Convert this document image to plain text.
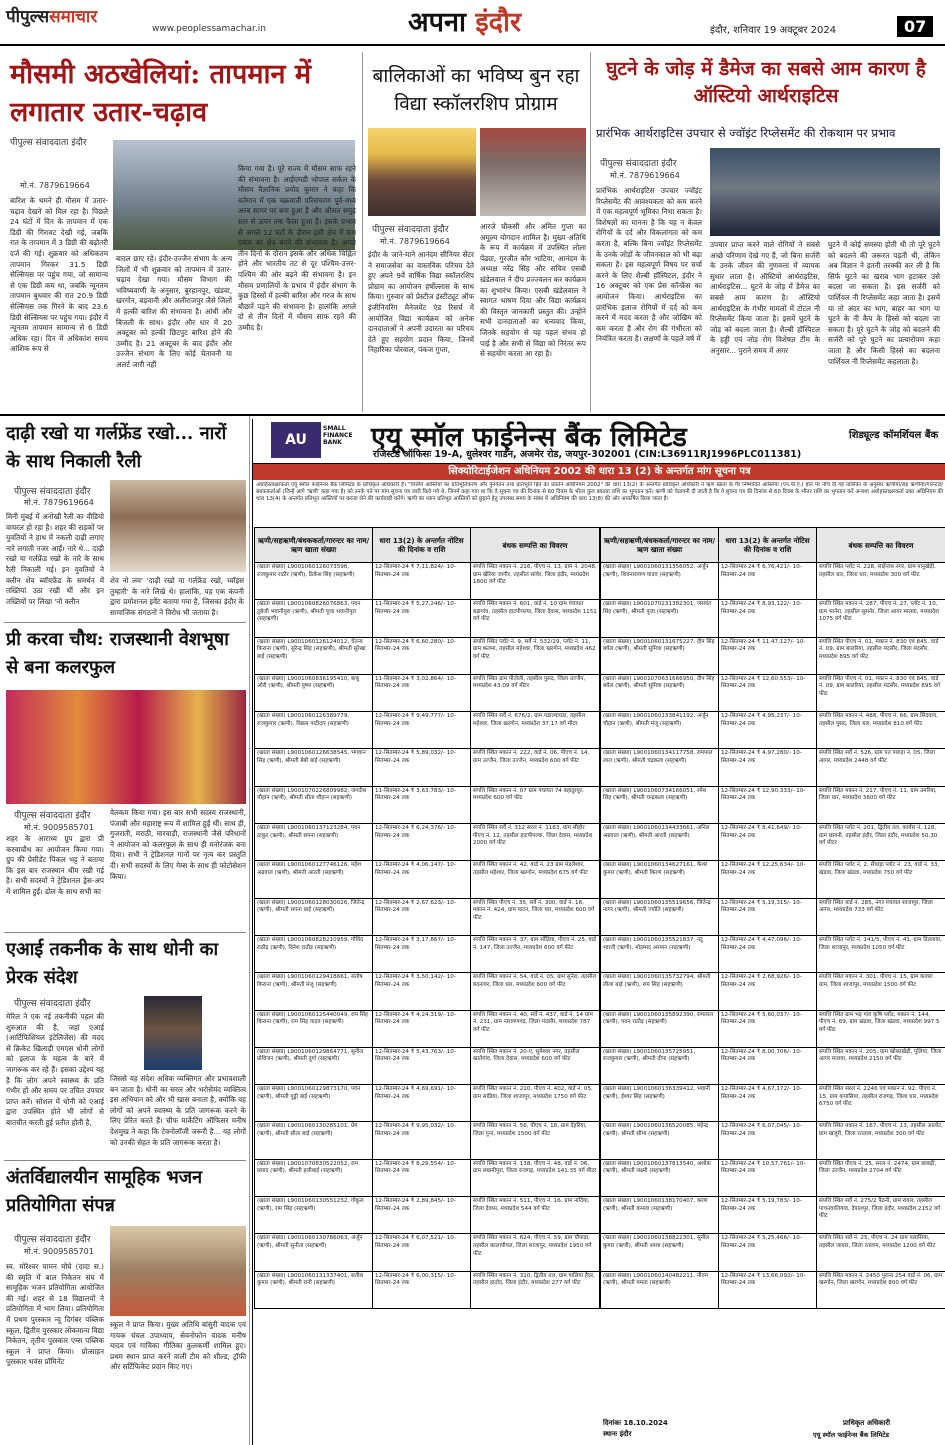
पीपुल्ससमाचार
www.peoplessamachar.in	अपना इंदौर	इंदौर, शनिवार 19 अक्टूबर 2024	07
मौसमी अठखेलियां: तापमान में लगातार उतार-चढ़ाव
पीपुल्स संवाददाता इंदौर
मो.नं. 7879619664
बारिश के थमने ही मौसम में उतार-चढ़ाव देखने को मिल रहा है। पिछले 24 घंटों में दिन के तापमान में एक डिग्री की गिरावट देखी गई, जबकि रात के तापमान में 3 डिग्री की बढ़ोतरी दर्ज की गई। शुक्रवार को अधिकतम तापमान गिरकर 31.5 डिग्री सेल्सियस पर पहुंच गया, जो सामान्य से एक डिग्री कम था, जबकि न्यूनतम तापमान बुधवार की रात 20.9 डिग्री सेल्सियस तक गिरने के बाद 23.6 डिग्री सेल्सियस पर पहुंच गया। इंदौर में न्यूनतम तापमान सामान्य से 6 डिग्री अधिक रहा। दिन में अधिकांश समय आंशिक रूप से
बादल छाए रहे। इंदौर-उज्जैन संभाग के अन्य जिलों में भी शुक्रवार को तापमान में उतार-चढ़ाव देखा गया। मौसम विभाग की भविष्यवाणी के अनुसार, बुरहानपुर, खंडवा, खरगोन, बड़वानी और अलीराजपुर जैसे जिलों में हल्की बारिश की संभावना है। आंधी और बिजली के साथ। इंदौर और धार में 20 अक्टूबर को हल्की छिटपुट बारिश होने की उम्मीद है। 21 अक्टूबर के बाद इंदौर और उज्जैन संभाग के लिए कोई चेतावनी या अलर्ट जारी नहीं
किया गया है। पूरे राज्य में मौसम साफ रहने की संभावना है। आईएमडी भोपाल सर्कल के मौसम वैज्ञानिक प्रमोद कुमार ने कहा कि वर्तमान में एक चक्रवाती परिसंचरण पूर्व-मध्य अरब सागर पर बना हुआ है और औसत समुद्र स्तर से ऊपर तक फैला हुआ है। इसके प्रभाव से अगले 12 घंटों के दौरान इसी क्षेत्र में कम दबाव का क्षेत्र बनने की संभावना है। अगले तीन दिनों के दौरान इसके और अधिक चिह्नित होने और भारतीय तट से दूर पश्चिम-उत्तर-पश्चिम की ओर बढ़ने की संभावना है। इन मौसम प्रणालियों के प्रभाव में इंदौर संभाग के कुछ हिस्सों में हल्की बारिश और गरज के साथ बौछारें पड़ने की संभावना है। हालांकि अगले दो से तीन दिनों में मौसम साफ रहने की उम्मीद है।
बालिकाओं का भविष्य बुन रहा विद्या स्कॉलरशिप प्रोग्राम
पीपुल्स संवाददाता इंदौर
मो.नं. 7879619664
इंदौर के जाने-माने आनंदम सीनियर सेंटर ने समाजसेवा का वास्तविक परिचय देते हुए अपने 9वें वार्षिक विद्या स्कॉलरशिप प्रोग्राम का आयोजन हर्षोल्लास के साथ किया। गुरुवार को प्रेस्टीज इंस्टीट्यूट ऑफ इंजीनियरिंग मैनेजमेंट एंड रिसर्च में आयोजित विद्या कार्यक्रम को अनेक दानदाताओं ने अपनी उदारता का परिचय देते हुए सहयोग प्रदान किया, जिनमें निहारिका पोरवाल, पंकज गुप्ता,
आरजे चौकसी और अमित गुप्ता का अमूल्य योगदान शामिल है। मुख्य अतिथि के रूप में कार्यक्रम में उपस्थित लोला पेंढ्या, गुरजीत कौर भाटिया, आनंदम के अध्यक्ष नरेंद्र सिंह और सचिव एसबी खंडेलवाल ने दीप प्रज्ज्वलन कर कार्यक्रम का शुभारंभ किया। एसबी खंडेलवाल ने स्वागत भाषण दिया और विद्या कार्यक्रम की विस्तृत जानकारी प्रस्तुत की। उन्होंने सभी दानदाताओं का धन्यवाद किया, जिनके सहयोग से यह पहल संभव हो पाई है और सभी से विद्या को निरंतर रूप से सहयोग करता आ रहा है।
घुटने के जोड़ में डैमेज का सबसे आम कारण है ऑस्टियो आर्थराइटिस
प्रारंभिक आर्थराइटिस उपचार से ज्वॉइंट रिप्लेसमेंट की रोकथाम पर प्रभाव
पीपुल्स संवाददाता इंदौर
मो.नं. 7879619664
प्रारंभिक आर्थराइटिस उपचार ज्वॉइंट रिप्लेसमेंट की आवश्यकता को कम करने में एक महत्वपूर्ण भूमिका निभा सकता है। विशेषज्ञों का मानना है कि यह न केवल रोगियों के दर्द और विकलांगता को कम करता है, बल्कि बिना ज्वॉइंट रिप्लेसमेंट के उनके जोड़ों के जीवनकाल को भी बढ़ा सकता है। इस महत्वपूर्ण विषय पर चर्चा करने के लिए शैल्बी हॉस्पिटल, इंदौर ने 16 अक्टूबर को एक प्रेस कॉन्फ्रेंस का आयोजन किया। आर्थराइटिस का प्रारंभिक इलाज रोगियों में दर्द को कम करने में मदद करता है और जोखिम को कम करता है और रोग की गंभीरता को नियंत्रित करता है। लक्षणों के पहले वर्ष में
उपचार प्राप्त करने वाले रोगियों ने सबसे अच्छे परिणाम देखे गए हैं, जो बिना सर्जरी के उनके जीवन की गुणवत्ता में व्यापक सुधार लाता है। ऑस्टियो आर्थराइटिस, आर्थराइटिस... घुटने के जोड़ में डैमेज का सबसे आम कारण है। ऑस्टियो आर्थराइटिस के गंभीर मामलों में टोटल नी रिप्लेसमेंट किया जाता है। इसमें घुटने के जोड़ को बदला जाता है। शैल्बी हॉस्पिटल के हड्डी एवं जोड़ रोग विशेषज्ञ टीम के अनुसार... पुराने समय में अगर
घुटने में कोई समस्या होती थी तो पूरे घुटने को बदलने की जरूरत पड़ती थी, लेकिन अब विज्ञान ने इतनी तरक्की कर ली है कि सिर्फ घुटने का खराब भाग हटाकर उसे बदला जा सकता है। इस सर्जरी को पार्शियल नी रिप्लेसमेंट कहा जाता है। इसमें या तो अंदर का भाग, बाहर का भाग या घुटने के नी कैप के हिस्से को बदला जा सकता है। पूरे घुटने के जोड़ को बदलने की सर्जरी को पूरे घुटने का प्रत्यारोपण कहा जाता है और किसी हिस्से का बदलना पार्शियल नी रिप्लेसमेंट कहलाता है।
दाढ़ी रखो या गर्लफ्रेंड रखो... नारों के साथ निकाली रैली
पीपुल्स संवाददाता इंदौर
मो.नं. 7879619664
मिनी मुंबई में अनोखी रैली का वीडियो वायरल हो रहा है। शहर की सड़कों पर युवतियों ने हाथ में नकली दाढ़ी लगाए नारे लगाती नजर आईं। नारे थे... दाढ़ी रखो या गर्लफ्रेंड रखो के नारे के साथ रैली निकाली गई। इन युवतियों ने क्लीन शेव ब्वॉयफ्रेंड के समर्थन में तख्तियां उठा रखी थीं और इन तख्तियों पर लिखा 'नो क्लीन
शेव नो लव' 'दाढ़ी रखो या गर्लफ्रेंड रखो, च्वॉइस तुम्हारी' के नारे लिखे थे। हालांकि, यह एक कंपनी द्वारा प्रमोशनल इवेंट बताया गया है, जिसका इंदौर के सामाजिक संगठनों ने विरोध भी जताया है।
प्री करवा चौथ: राजस्थानी वेशभूषा से बना कलरफुल
पीपुल्स संवाददाता इंदौर
मो.नं. 9009585701
शहर के आराध्य ग्रुप द्वारा प्री करवाचौथ का आयोजन किया गया। ग्रुप की प्रेसीडेंट पिंकल भट्ट ने बताया कि इस बार राजस्थान थीम रखी गई है। सभी सदस्यों ने ट्रेडिशनल ड्रेस-अप में शामिल हुईं। ढोल के साथ सभी का
वेलकम किया गया। इस बार सभी सदस्य राजस्थानी, पंजाबी और महाराष्ट्र रूप में शामिल हुईं थीं। साथ ही, गुजराती, मराठी, मारवाड़ी, राजस्थानी जैसे परिधानों ने आयोजन को कलरफुल के साथ ही मनोरंजक बना दिया। सभी ने ट्रेडिशनल गानों पर नृत्य कर प्रस्तुति दी। सभी सदस्यों के लिए गेम्स के साथ ही फोटोसेशन किया।
एआई तकनीक के साथ धोनी का प्रेरक संदेश
पीपुल्स संवाददाता इंदौर
मेरिल ने एक नई तकनीकी पहल की शुरुआत की है, जहां एआई (आर्टिफिशियल इंटेलिजेंस) की मदद से क्रिकेट खिलाड़ी एमएस धोनी लोगों को इलाज के महत्व के बारे में जागरूक कर रहे हैं। इसका उद्देश्य यह है कि लोग अपने स्वास्थ्य के प्रति गंभीर हों और समय पर उचित उपचार प्राप्त करें। सोशल में धोनी को एआई द्वारा उपस्थित होते भी लोगों से बातचीत करती हुई प्रतीत होती है,
जिससे यह संदेश अधिक व्यक्तिगत और प्रभावशाली बन जाता है। धोनी का सरल और भरोसेमंद व्यक्तित्व इस अभियान को और भी खास बनाता है, क्योंकि वह लोगों को अपने स्वास्थ्य के प्रति जागरूक करने के लिए प्रेरित करते हैं। चीफ मार्केटिंग ऑफिसर मनीष देशमुख ने कहा कि टेक्नोलॉजी जरूरी है... यह लोगों को उनकी सेहत के प्रति जागरूक करता है।
अंतर्विद्यालयीन सामूहिक भजन प्रतियोगिता संपन्न
पीपुल्स संवाददाता इंदौर
मो.नं. 9009585701
स्व. मोरेश्वर यामन मोघे (दादा स.) की स्मृति में बाल निकेतन संघ में सामूहिक भजन प्रतियोगिता आयोजित की गई। शहर से 18 विद्यालयों ने प्रतियोगिता में भाग लिया। प्रतियोगिता में प्रथम पुरस्कार न्यू दिगंबर पब्लिक स्कूल, द्वितीय पुरस्कार लोकमान्य विद्या निकेतन, तृतीय पुरस्कार एम्स पब्लिक स्कूल ने प्राप्त किया। प्रोत्साहन पुरस्कार भवंस प्रॉमिनेंट
स्कूल ने प्राप्त किया। मुख्य अतिथि बांसुरी वादक एवं गायक चंचल उपाध्याय, सेवनोफोन वादक मनीष यादव एवं गायिका गीतिका कुलकर्णी शामिल हुए। प्रथम स्थान प्राप्त करने वाली टीम को शील्ड, ट्रॉफी और सर्टिफिकेट प्रदान किए गए।
AU
SMALL FINANCE BANK	एयू स्मॉल फाईनेन्स बैंक लिमिटेड	शिड्यूल्ड कॉमर्शियल बैंक
रजिस्टर्ड ऑफिसः 19-A, धुलेश्वर गार्डन, अजमेर रोड, जयपुर-302001 (CIN:L36911RJ1996PLC011381)
सिक्योरिटाईजेशन अधिनियम 2002 की धारा 13 (2) के अन्तर्गत मांग सूचना पत्र
अधोहस्ताक्षरकर्ता एयू स्मॉल फाईनेन्स बैंक लिमिटेड के प्राधिकृत अधिकारी है। "वित्तीय आस्तियों का प्रतिभूतिकरण और पुनर्गठन तथा प्रतिभूति हित का प्रवर्तन अधिनियम 2002" की धारा 13(2) के अन्तर्गत प्राधिकृत अधिकारी ने ऋण खातों के गैर निष्पादित आस्तियां (एन.पी.ए.) होने पर नीचे दी गई तालिका के अनुसार ऋणीयों/सह ऋणीयों/गारन्टरों/बंधककर्ताओं (जिन्हें आगे 'ऋणी' कहा गया है) को उनके पते पर मांग सूचना पत्र जारी किये गये थे, जिनमें कहा गया था कि वे सूचना पत्र की दिनांक से 60 दिवस के भीतर कुल बकाया राशि का भुगतान करें। ऋणी को चेतावनी दी जाती है कि वे सूचना पत्र की दिनांक से 60 दिवस के भीतर राशि का भुगतान करें अन्यथा अधोहस्ताक्षरकर्ता उक्त अधिनियम की धारा 13(4) के अन्तर्गत प्रतिभूत आस्तियों पर कब्जा लेने की कार्यवाही करेंगे। ऋणी का ध्यान प्रतिभूत आस्तियों को छुड़ाने हेतु उपलब्ध समय के संबंध में अधिनियम की धारा 13(8) की ओर आकर्षित किया जाता है।
ऋणी/सहऋणी/बंधककर्ता/गारन्टर का नाम/ऋण खाता संख्या	धारा 13(2) के अन्तर्गत नोटिस की दिनांक व राशि	बंधक सम्पत्ति का विवरण
(खाता संख्या) L9001060126073596, राजकुमार राठौर (ऋणी), ठिकेश सिंह (सहऋणी)	12-सितम्बर-24 ₹ 7,11,824/- 10-सितम्बर-24 तक	संपत्ति स्थित मकान नं. 216, पीएच नं. 13, ग्राम नं. 2048, ग्राम खेरिया जागीर, तहसील सांवेर, जिला इंदौर, मध्यप्रदेश 1800 वर्ग फीट
(खाता संख्या) L9001060826076863, पवन दुबेजी भवानीपुरा (ऋणी), श्रीमती पूजा भवानीपुरा (सहऋणी)	11-सितम्बर-24 ₹ 5,27,246/- 10-सितम्बर-24 तक	संपत्ति स्थित मकान नं. 601, वार्ड नं. 10 ग्राम पंचायत बड़ागांव, तहसील हाटपीपल्या, जिला देवास, मध्यप्रदेश 1151 वर्ग फीट
(खाता संख्या) L9001060126124012, चेतन्य किराना (ऋणी), सुरेन्द्र सिंह (सहऋणी), श्रीमती सुरेखा बाई (सहऋणी)	12-सितम्बर-24 ₹ 6,60,280/- 10-सितम्बर-24 तक	संपत्ति स्थित प्लॉट नं. 9, सर्वे नं. 532/29, प्लॉट नं. 11, ग्राम कलमा, तहसील महेश्वर, जिला खरगोन, मध्यप्रदेश 462 वर्ग फीट
(खाता संख्या) L9001060836195410, बाबू ओरी (ऋणी), श्रीमती पुष्पा (सहऋणी)	11-सितम्बर-24 ₹ 3,02,864/- 10-सितम्बर-24 तक	संपत्ति स्थित ग्राम पीतोली, तहसील पुसद, जिला उज्जैन, मध्यप्रदेश 43.09 वर्ग मीटर
(खाता संख्या) L9001060126389779, राजकुमार (ऋणी), विक्रम पाटीदार (सहऋणी)	12-सितम्बर-24 ₹ 9,49,777/- 10-सितम्बर-24 तक	संपत्ति स्थित सर्वे नं. 676/2, ग्राम पडाल्यायडा, तहसील महेश्वर, जिला खरगोन, मध्यप्रदेश 37.17 वर्ग मीटर
(खाता संख्या) L9001060126638545, भगवान सिंह (ऋणी), श्रीमती बेबी बाई (सहऋणी)	12-सितम्बर-24 ₹ 5,89,032/- 10-सितम्बर-24 तक	संपत्ति स्थित मकान नं. 222, वार्ड नं. 06, पीएच नं. 14, ग्राम उज्जैन, जिला उज्जैन, मध्यप्रदेश 600 वर्ग फीट
(खाता संख्या) L9001070226809982, जगदीश चौहान (ऋणी), श्रीमती सीता चौहान (सहऋणी)	11-सितम्बर-24 ₹ 3,63,783/- 10-सितम्बर-24 तक	संपत्ति स्थित मकान नं. 07 ग्राम पंचायत 74 बहादुरपुर, मध्यप्रदेश 600 वर्ग फीट
(खाता संख्या) L9001060137123284, पवन ठाकुर (ऋणी), श्रीमती सपना (सहऋणी)	12-सितम्बर-24 ₹ 6,24,376/- 10-सितम्बर-24 तक	संपत्ति स्थित सर्वे नं. 312 सरल नं. 1183, ग्राम सीहोर पीएच नं. 12, तहसील हाटपीपल्या, जिला देवास, मध्यप्रदेश 2000 वर्ग फीट
(खाता संख्या) L9001060127746126, महेश अग्रवाल (ऋणी), श्रीमती आरती (सहऋणी)	12-सितम्बर-24 ₹ 4,06,147/- 10-सितम्बर-24 तक	संपत्ति स्थित मकान नं. 42, वार्ड नं. 23 ग्राम मंडलेश्वर, तहसील महेश्वर, जिला खरगोन, मध्यप्रदेश 675 वर्ग फीट
(खाता संख्या) L9001060128030026, जितेन्द्र (ऋणी), श्रीमती सपना बाई (सहऋणी)	12-सितम्बर-24 ₹ 2,67,623/- 10-सितम्बर-24 तक	संपत्ति स्थित पीएच नं. 35, सर्वे नं. 300, वार्ड नं. 16, मकान नं. 424, ग्राम पाटन, जिला धार, मध्यप्रदेश 600 वर्ग फीट
(खाता संख्या) L9001060828210959, गोविंद राठौड़ (ऋणी), दिनेश राठौड़ (सहऋणी)	12-सितम्बर-24 ₹ 3,17,867/- 10-सितम्बर-24 तक	संपत्ति स्थित मकान नं. 37, ग्राम सोंडिया, पीएच नं. 25, वार्ड नं. 147, जिला उज्जैन, मध्यप्रदेश 600 वर्ग फीट
(खाता संख्या) L9001060129418661, संतोष किराना (ऋणी), श्रीमती मंजू (सहऋणी)	12-सितम्बर-24 ₹ 3,50,142/- 10-सितम्बर-24 तक	संपत्ति स्थित मकान नं. 54, वार्ड नं. 05, ग्राम सुनेरा, तहसील बदनावर, जिला धार, मध्यप्रदेश 600 वर्ग फीट
(खाता संख्या) L9001060125440049, राम सिंह किराना (ऋणी), राम सिंह यादव (सहऋणी)	12-सितम्बर-24 ₹ 4,24,319/- 10-सितम्बर-24 तक	संपत्ति स्थित मकान नं. 40, सर्वे नं. 437, वार्ड नं. 14 ग्राम नं. 231, ग्राम नारायणगढ़, जिला मंदसौर, मध्यप्रदेश 787 वर्ग फीट
(खाता संख्या) L9001060129864771, सुनील प्रोविजन (ऋणी), श्रीमती दुर्गा (सहऋणी)	12-सितम्बर-24 ₹ 5,43,763/- 10-सितम्बर-24 तक	संपत्ति स्थित मकान नं. 20-ए, सुमेश्वर नगर, तहसील खातेगांव, जिला देवास, मध्यप्रदेश 600 वर्ग फीट
(खाता संख्या) L9001060129873170, पवन (ऋणी), श्रीमती गुड्डी बाई (सहऋणी)	12-सितम्बर-24 ₹ 4,69,691/- 10-सितम्बर-24 तक	संपत्ति स्थित मकान नं. 210, पीएच नं. 402, वार्ड नं. 05, ग्राम सांडिया, जिला शाजापुर, मध्यप्रदेश 1750 वर्ग फीट
(खाता संख्या) L9001060130285101, प्रेम (ऋणी), श्रीमती सीता बाई (सहऋणी)	12-सितम्बर-24 ₹ 9,95,032/- 10-सितम्बर-24 तक	संपत्ति स्थित मकान नं. 56, पीएच नं. 18, ग्राम देहरिया, जिला गुना, मध्यप्रदेश 1500 वर्ग फीट
(खाता संख्या) L9001070830522052, राम प्रसाद (ऋणी), श्रीमती हलीबाई (सहऋणी)	12-सितम्बर-24 ₹ 8,29,554/- 10-सितम्बर-24 तक	संपत्ति स्थित मकान नं. 138, पीएच नं. 48, वार्ड नं. 06, ग्राम लखमीपुरा, जिला राजगढ़, मध्यप्रदेश 141.35 वर्ग मीटर
(खाता संख्या) L9001060130551232, गोकुल (ऋणी), राम सिंह (सहऋणी)	12-सितम्बर-24 ₹ 2,89,845/- 10-सितम्बर-24 तक	संपत्ति स्थित मकान नं. 511, पीएच नं. 16, ग्राम नांदिया, जिला देवास, मध्यप्रदेश 544 वर्ग फीट
(खाता संख्या) L9001060130786063, अर्जुन (ऋणी), श्रीमती सुनीता (सहऋणी)	12-सितम्बर-24 ₹ 6,07,521/- 10-सितम्बर-24 तक	संपत्ति स्थित मकान नं. 624, पीएच नं. 59, ग्राम चौपाड़ा, तहसील कालापीपल, जिला शाजापुर, मध्यप्रदेश 1950 वर्ग फीट
(खाता संख्या) L9001060131337401, सतीश कुमार (ऋणी), श्रीमती रानी (सहऋणी)	12-सितम्बर-24 ₹ 6,00,315/- 10-सितम्बर-24 तक	संपत्ति स्थित मकान नं. 310, द्वितीय तल, ग्राम पालिया हैदर, तहसील हातोद, जिला इंदौर, मध्यप्रदेश 277 वर्ग फीट
ऋणी/सहऋणी/बंधककर्ता/गारन्टर का नाम/ऋण खाता संख्या	धारा 13(2) के अन्तर्गत नोटिस की दिनांक व राशि	बंधक सम्पत्ति का विवरण
(खाता संख्या) L9001060131356052, अर्जुन (ऋणी), शिवनारायण यादव (सहऋणी)	12-सितम्बर-24 ₹ 6,76,421/- 10-सितम्बर-24 तक	संपत्ति स्थित प्लॉट नं. 228, साईनाथ नगर, ग्राम नानुखेड़ी, तहसील धार, जिला धार, मध्यप्रदेश 300 वर्ग फीट
(खाता संख्या) L9001070231382301, जसवंत सिंह (ऋणी), श्रीमती पूजा (सहऋणी)	12-सितम्बर-24 ₹ 8,93,122/- 10-सितम्बर-24 तक	संपत्ति स्थित मकान नं. 287, पीएच नं. 27, प्लॉट नं. 10, ग्राम भानेरा, तहसील सुसनेर, जिला आगर मालवा, मध्यप्रदेश 1075 वर्ग फीट
(खाता संख्या) L9001060131675227, दीप सिंह बघेल (ऋणी), श्रीमती सुमित्रा (सहऋणी)	12-सितम्बर-24 ₹ 11,47,127/- 10-सितम्बर-24 तक	संपत्ति स्थित पीएच नं. 01, मकान नं. 830 एवं 845, वार्ड नं. 09, ग्राम बालरिया, तहसील मंदसौर, जिला मंदसौर, मध्यप्रदेश 895 वर्ग फीट
(खाता संख्या) L9001070631666950, दीप सिंह बघेल (ऋणी), श्रीमती सुमित्रा (सहऋणी)	12-सितम्बर-24 ₹ 12,60,553/- 10-सितम्बर-24 तक	संपत्ति स्थित पीएच नं. 01, मकान नं. 830 एवं 845, वार्ड नं. 09, ग्राम बालरिया, तहसील मंदसौर, मध्यप्रदेश 895 वर्ग फीट
(खाता संख्या) L9001060133841192, अर्जुन चौहान (ऋणी), श्रीमती मंजू (सहऋणी)	12-सितम्बर-24 ₹ 4,95,237/- 10-सितम्बर-24 तक	संपत्ति स्थित मकान नं. 488, पीएच नं. 66, ग्राम सिंदवाय, तहसील पुसद, जिला धार, मध्यप्रदेश 810 वर्ग फीट
(खाता संख्या) L9001060134117758, रामपाल लाल (ऋणी), श्रीमती चंद्रकला (सहऋणी)	12-सितम्बर-24 ₹ 4,97,280/- 10-सितम्बर-24 तक	संपत्ति स्थित सर्वे नं. 526, ग्राम पत पारुड़ा नं. 05, जिला आगर, मध्यप्रदेश 2448 वर्ग फीट
(खाता संख्या) L9001060734166051, रमेश सिंह (ऋणी), श्रीमती चन्द्रकला (सहऋणी)	12-सितम्बर-24 ₹ 12,90,333/- 10-सितम्बर-24 तक	संपत्ति स्थित मकान नं. 217, पीएच नं. 11, ग्राम उमरिया, जिला धार, मध्यप्रदेश 3600 वर्ग फीट
(खाता संख्या) L9001060134433661, अनिल अग्रवाल (ऋणी), श्रीमती आरती (सहऋणी)	12-सितम्बर-24 ₹ 8,41,649/- 10-सितम्बर-24 तक	संपत्ति स्थित प्लॉट नं. 201, द्वितीय तल, कार्यस नं. 128, ग्राम छावनी, तहसील इंदौर, जिला इंदौर, मध्यप्रदेश 50.30 वर्ग मीटर
(खाता संख्या) L9001060134627161, केशर कुमार (ऋणी), श्रीमती किरण (सहऋणी)	12-सितम्बर-24 ₹ 12,25,634/- 10-सितम्बर-24 तक	संपत्ति स्थित प्लॉट नं. 2, सेंधाड़ा प्लॉट नं. 23, वार्ड नं. 33, खंडवा, जिला खंडवा, मध्यप्रदेश 750 वर्ग फीट
(खाता संख्या) L9001060135519656, जितेन्द्र नागर (ऋणी), श्रीमती ज्योति (सहऋणी)	12-सितम्बर-24 ₹ 5,19,315/- 10-सितम्बर-24 तक	संपत्ति स्थित वार्ड नं. 285, नगर पंचायत शाजापुर, जिला आगर, मध्यप्रदेश 733 वर्ग फीट
(खाता संख्या) L9001060135521837, नटू भारती (ऋणी), मोहम्मद अरमान (सहऋणी)	12-सितम्बर-24 ₹ 4,47,096/- 10-सितम्बर-24 तक	संपत्ति स्थित प्लॉट नं. 141/5, पीएच नं. 41, ग्राम दिल्लाया, जिला शाजापुर, मध्यप्रदेश 1050 वर्ग फीट
(खाता संख्या) L9001060135732794, श्रीमती लीला बाई (ऋणी), राम सिंह (सहऋणी)	12-सितम्बर-24 ₹ 2,68,926/- 10-सितम्बर-24 तक	संपत्ति स्थित मकान नं. 301, पीएच नं. 15, ग्राम कावरा ग्राम, जिला शाजापुर, मध्यप्रदेश 1500 वर्ग फीट
(खाता संख्या) L9001060135892390, रामलाल (ऋणी), पवन राठौड़ (सहऋणी)	12-सितम्बर-24 ₹ 5,60,037/- 10-सितम्बर-24 तक	संपत्ति स्थित ग्राम भड़ गांव कृषि प्लॉट, मकान नं. 144, पीएच नं. 69, ग्राम खंडवा, जिला खंडवा, मध्यप्रदेश 997.5 वर्ग फीट
(खाता संख्या) L9001060135725951, राजकुमार (ऋणी), श्रीमती दीपा (सहऋणी)	12-सितम्बर-24 ₹ 8,00,706/- 10-सितम्बर-24 तक	संपत्ति स्थित मकान नं. 205, ग्राम खोकाखेड़ी, पुलिया, जिला आगर मालवा, मध्यप्रदेश 2150 वर्ग फीट
(खाता संख्या) L9001060136339412, भवानी (ऋणी), ईश्वर सिंह (सहऋणी)	12-सितम्बर-24 ₹ 4,67,172/- 10-सितम्बर-24 तक	संपत्ति स्थित सरल नं. 2246 एवं मकान नं. 92, पीएच नं. 15, ग्राम कपासिया, तहसील राजगढ़, जिला धार, मध्यप्रदेश 6750 वर्ग फीट
(खाता संख्या) L9001060136520085, महेन्द्र (ऋणी), श्रीमती सीमा (सहऋणी)	12-सितम्बर-24 ₹ 6,07,045/- 10-सितम्बर-24 तक	संपत्ति स्थित मकान नं. 167, पीएच नं. 13, तहसील आलोट, ग्राम खजूरी, जिला रतलाम, मध्यप्रदेश 300 वर्ग फीट
(खाता संख्या) L9001060137813540, अशोक (ऋणी), श्रीमती लक्ष्मी (सहऋणी)	12-सितम्बर-24 ₹ 10,57,761/- 10-सितम्बर-24 तक	संपत्ति स्थित पीएच नं. 25, सरल नं. 2474, ग्राम छाबड़ी, जिला उज्जैन, मध्यप्रदेश 2704 वर्ग फीट
(खाता संख्या) L9001060138170407, करण (ऋणी), श्रीमती कमला (सहऋणी)	12-सितम्बर-24 ₹ 5,19,783/- 10-सितम्बर-24 तक	संपत्ति स्थित सर्वे नं. 275/2 पैठनी, ग्राम रावल, तहसील पाचनवालियाव, देपालपुर, जिला इंदौर, मध्यप्रदेश 2152 वर्ग फीट
(खाता संख्या) L9001060138822301, सुनील कुमार (ऋणी), श्रीमती आशा (सहऋणी)	12-सितम्बर-24 ₹ 5,25,466/- 10-सितम्बर-24 तक	संपत्ति स्थित सर्वे नं. 25, पीएच नं. 24 ग्राम पलासिया, तहसील जावरा, जिला रतलाम, मध्यप्रदेश 1200 वर्ग फीट
(खाता संख्या) L9001060140482211, नीतम (ऋणी), श्रीमती ममता (सहऋणी)	12-सितम्बर-24 ₹ 13,66,092/- 10-सितम्बर-24 तक	संपत्ति स्थित मकान नं. 2450 पुराना 254 वार्ड नं. 06, ग्राम खरगोन, जिला खरगोन, मध्यप्रदेश 800 वर्ग फीट
दिनांकः 18.10.2024
स्थानः इंदौर
प्राधिकृत अधिकारी
एयू स्मॉल फाईनेन्स बैंक लिमिटेड
